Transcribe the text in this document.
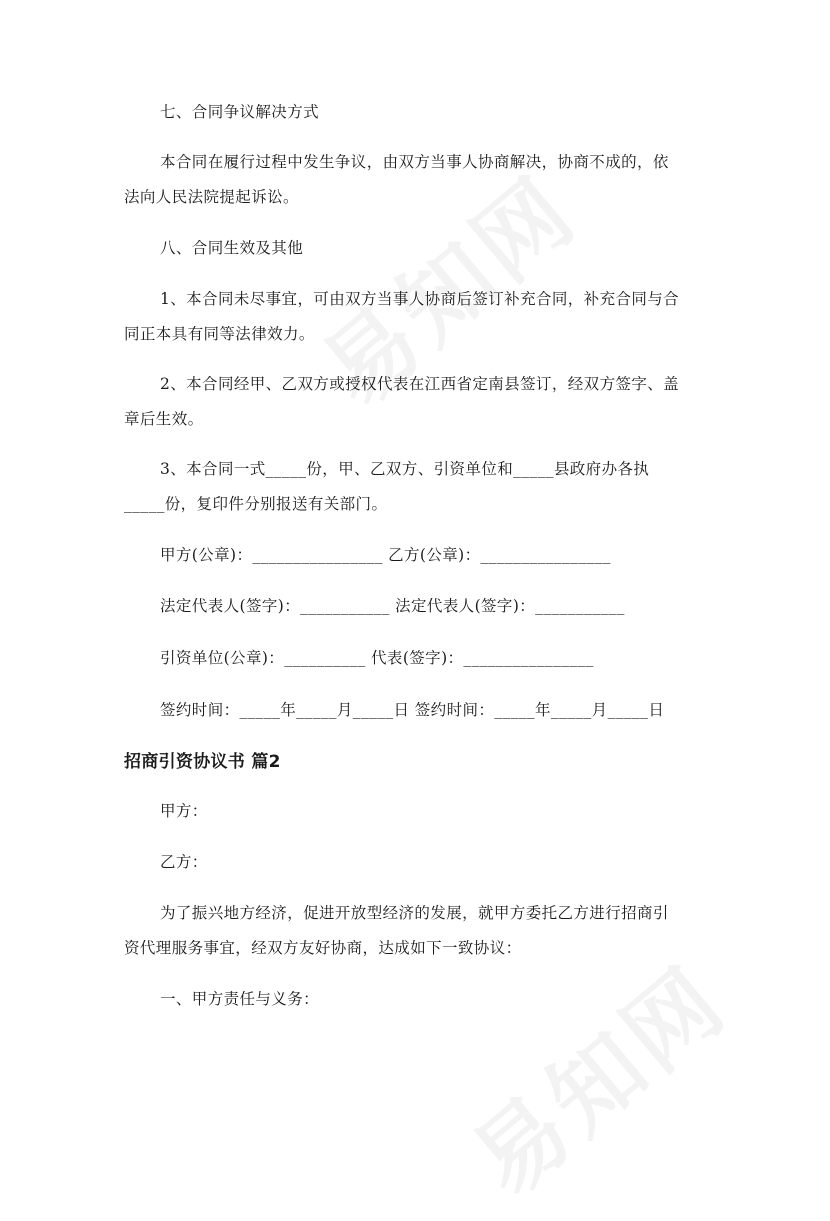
七、合同争议解决方式
本合同在履行过程中发生争议，由双方当事人协商解决，协商不成的，依
法向人民法院提起诉讼。
八、合同生效及其他
1、本合同未尽事宜，可由双方当事人协商后签订补充合同，补充合同与合
同正本具有同等法律效力。
2、本合同经甲、乙双方或授权代表在江西省定南县签订，经双方签字、盖
章后生效。
3、本合同一式_____份，甲、乙双方、引资单位和_____县政府办各执
_____份，复印件分别报送有关部门。
甲方(公章)：________________ 乙方(公章)：________________
法定代表人(签字)：___________ 法定代表人(签字)：___________
引资单位(公章)：__________ 代表(签字)：________________
签约时间：_____年_____月_____日 签约时间：_____年_____月_____日
招商引资协议书 篇2
甲方：
乙方：
为了振兴地方经济，促进开放型经济的发展，就甲方委托乙方进行招商引
资代理服务事宜，经双方友好协商，达成如下一致协议：
一、甲方责任与义务：
